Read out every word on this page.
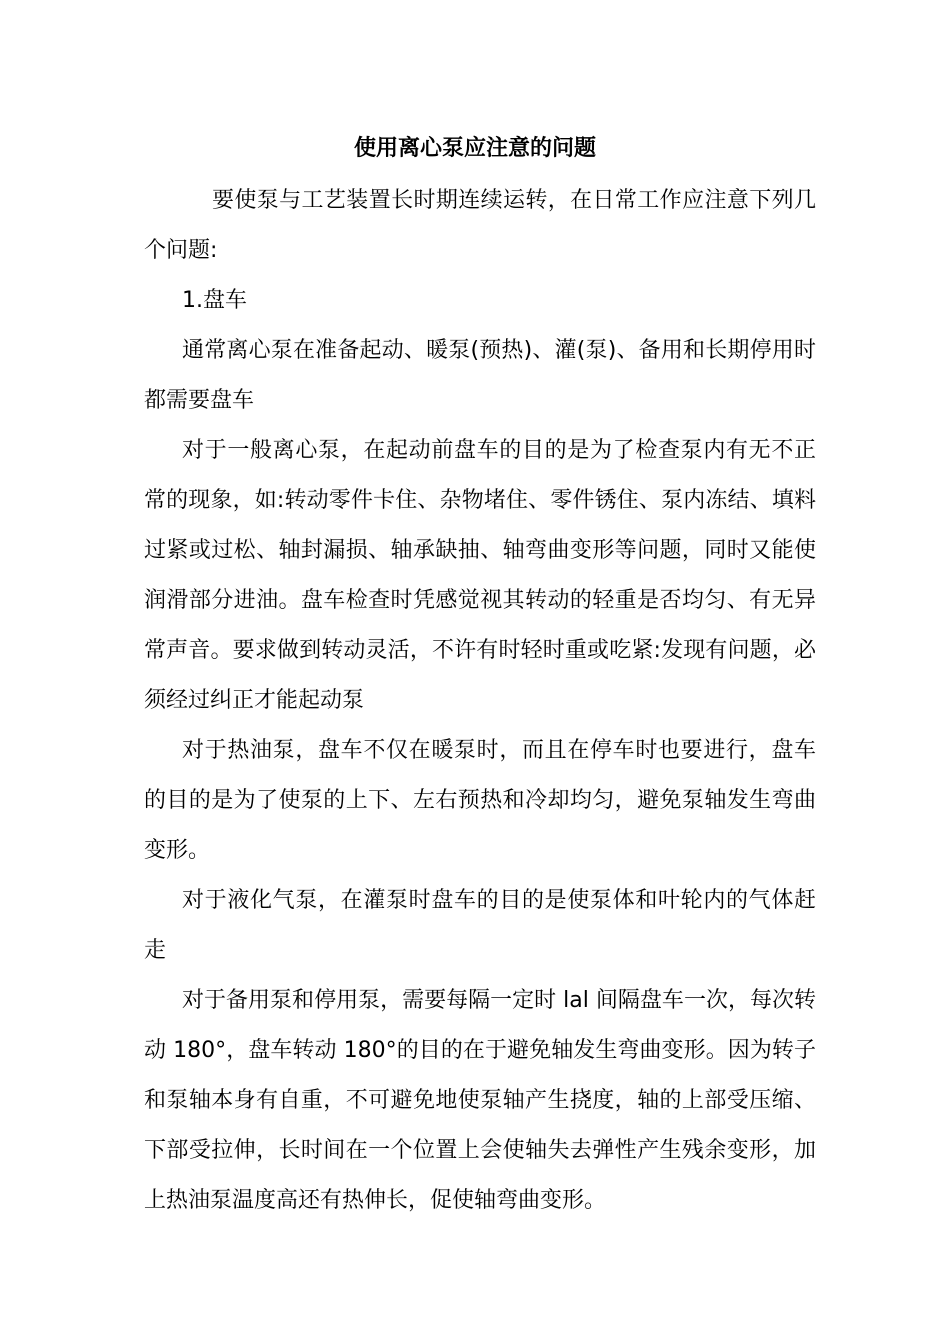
使用离心泵应注意的问题

要使泵与工艺装置长时期连续运转，在日常工作应注意下列几个问题:

1.盘车

通常离心泵在准备起动、暖泵(预热)、灌(泵)、备用和长期停用时都需要盘车

对于一般离心泵，在起动前盘车的目的是为了检查泵内有无不正常的现象，如:转动零件卡住、杂物堵住、零件锈住、泵内冻结、填料过紧或过松、轴封漏损、轴承缺抽、轴弯曲变形等问题，同时又能使润滑部分进油。盘车检查时凭感觉视其转动的轻重是否均匀、有无异常声音。要求做到转动灵活，不许有时轻时重或吃紧:发现有问题，必须经过纠正才能起动泵

对于热油泵，盘车不仅在暖泵时，而且在停车时也要进行，盘车的目的是为了使泵的上下、左右预热和冷却均匀，避免泵轴发生弯曲变形。

对于液化气泵，在灌泵时盘车的目的是使泵体和叶轮内的气体赶走

对于备用泵和停用泵，需要每隔一定时 lal 间隔盘车一次，每次转动 180°，盘车转动 180°的目的在于避免轴发生弯曲变形。因为转子和泵轴本身有自重，不可避免地使泵轴产生挠度，轴的上部受压缩、下部受拉伸，长时间在一个位置上会使轴失去弹性产生残余变形，加上热油泵温度高还有热伸长，促使轴弯曲变形。
